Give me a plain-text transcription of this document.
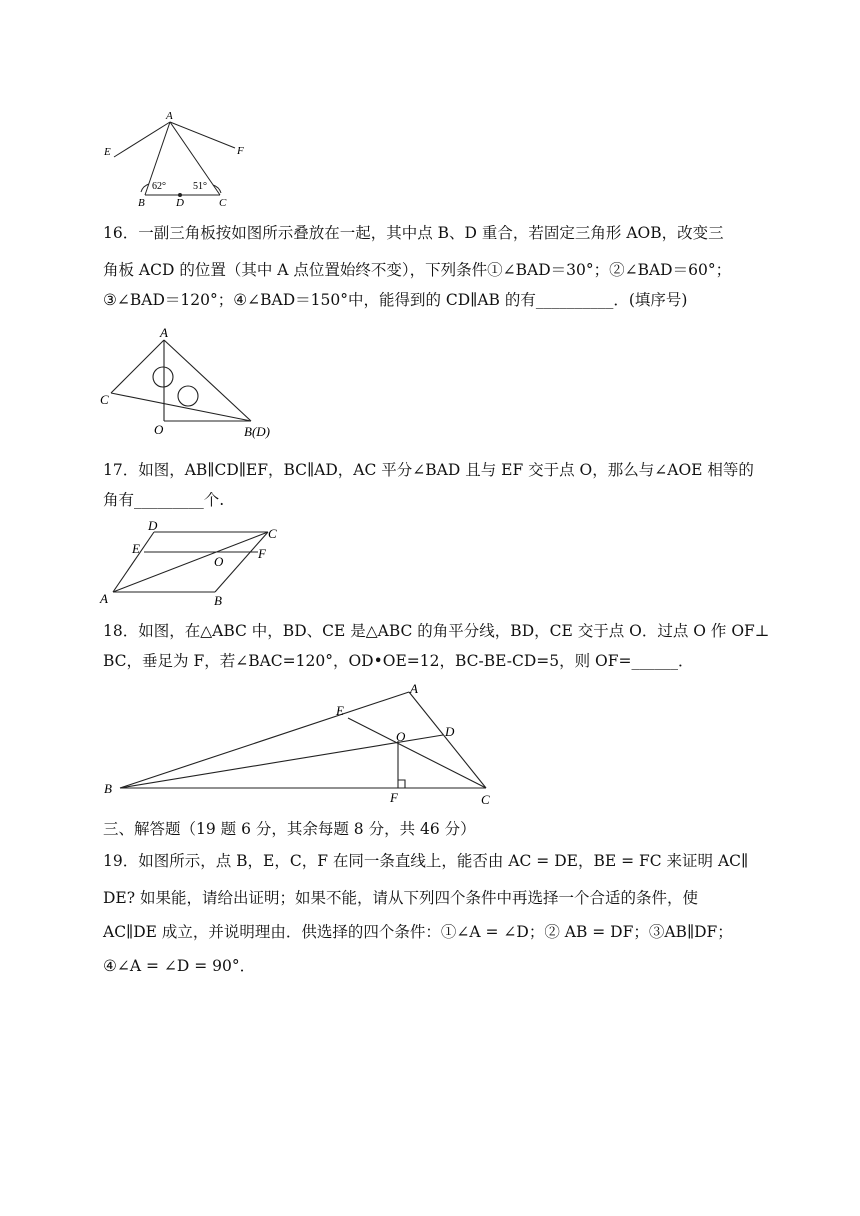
A
E	F
B	D	C
62°	51°
16．一副三角板按如图所示叠放在一起，其中点 B、D 重合，若固定三角形 AOB，改变三
角板 ACD 的位置（其中 A 点位置始终不变），下列条件①∠BAD＝30°；②∠BAD＝60°；
③∠BAD＝120°；④∠BAD＝150°中，能得到的 CD∥AB 的有__________．(填序号)
A
C
O	B(D)
17．如图，AB∥CD∥EF，BC∥AD，AC 平分∠BAD 且与 EF 交于点 O，那么与∠AOE 相等的
角有_________个.
D
C
E	F
O
A	B
18．如图，在△ABC 中，BD、CE 是△ABC 的角平分线，BD，CE 交于点 O．过点 O 作 OF⊥
BC，垂足为 F，若∠BAC=120°，OD•OE=12，BC-BE-CD=5，则 OF=______．
A
E
D
O
B
F	C
三、解答题（19 题 6 分，其余每题 8 分，共 46 分）
19．如图所示，点 B，E，C，F 在同一条直线上，能否由 AC = DE，BE = FC 来证明 AC∥
DE? 如果能，请给出证明；如果不能，请从下列四个条件中再选择一个合适的条件，使
AC∥DE 成立，并说明理由．供选择的四个条件：①∠A = ∠D；② AB = DF；③AB∥DF；
④∠A = ∠D = 90°．
